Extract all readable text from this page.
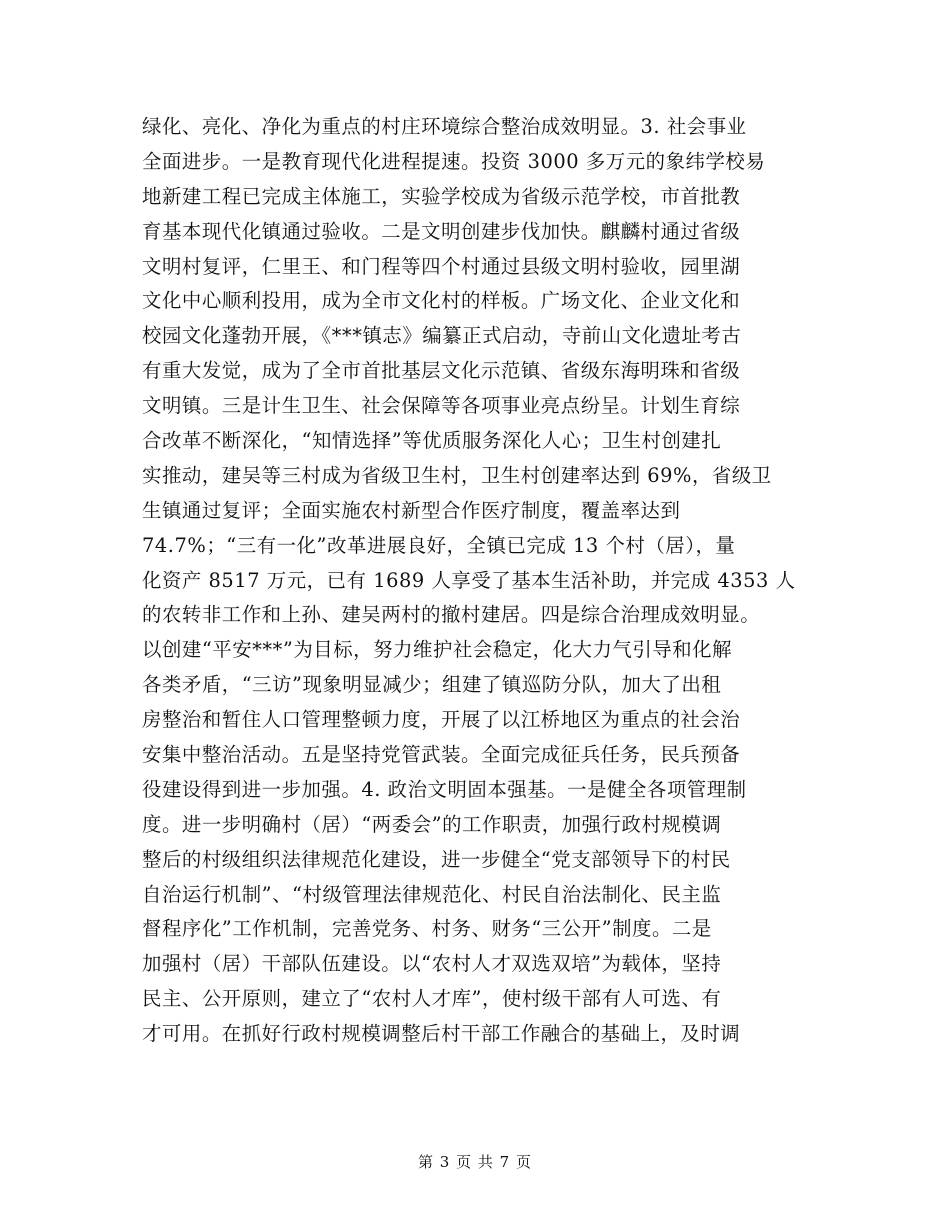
绿化、亮化、净化为重点的村庄环境综合整治成效明显。3. 社会事业
全面进步。一是教育现代化进程提速。投资 3000 多万元的象纬学校易
地新建工程已完成主体施工，实验学校成为省级示范学校，市首批教
育基本现代化镇通过验收。二是文明创建步伐加快。麒麟村通过省级
文明村复评，仁里王、和门程等四个村通过县级文明村验收，园里湖
文化中心顺利投用，成为全市文化村的样板。广场文化、企业文化和
校园文化蓬勃开展，《***镇志》编纂正式启动，寺前山文化遗址考古
有重大发觉，成为了全市首批基层文化示范镇、省级东海明珠和省级
文明镇。三是计生卫生、社会保障等各项事业亮点纷呈。计划生育综
合改革不断深化，“知情选择”等优质服务深化人心；卫生村创建扎
实推动，建吴等三村成为省级卫生村，卫生村创建率达到 69%，省级卫
生镇通过复评；全面实施农村新型合作医疗制度，覆盖率达到
74.7%；“三有一化”改革进展良好，全镇已完成 13 个村（居），量
化资产 8517 万元，已有 1689 人享受了基本生活补助，并完成 4353 人
的农转非工作和上孙、建吴两村的撤村建居。四是综合治理成效明显。
以创建“平安***”为目标，努力维护社会稳定，化大力气引导和化解
各类矛盾，“三访”现象明显减少；组建了镇巡防分队，加大了出租
房整治和暂住人口管理整顿力度，开展了以江桥地区为重点的社会治
安集中整治活动。五是坚持党管武装。全面完成征兵任务，民兵预备
役建设得到进一步加强。4. 政治文明固本强基。一是健全各项管理制
度。进一步明确村（居）“两委会”的工作职责，加强行政村规模调
整后的村级组织法律规范化建设，进一步健全“党支部领导下的村民
自治运行机制”、“村级管理法律规范化、村民自治法制化、民主监
督程序化”工作机制，完善党务、村务、财务“三公开”制度。二是
加强村（居）干部队伍建设。以“农村人才双选双培”为载体，坚持
民主、公开原则，建立了“农村人才库”，使村级干部有人可选、有
才可用。在抓好行政村规模调整后村干部工作融合的基础上，及时调
第 3 页 共 7 页
